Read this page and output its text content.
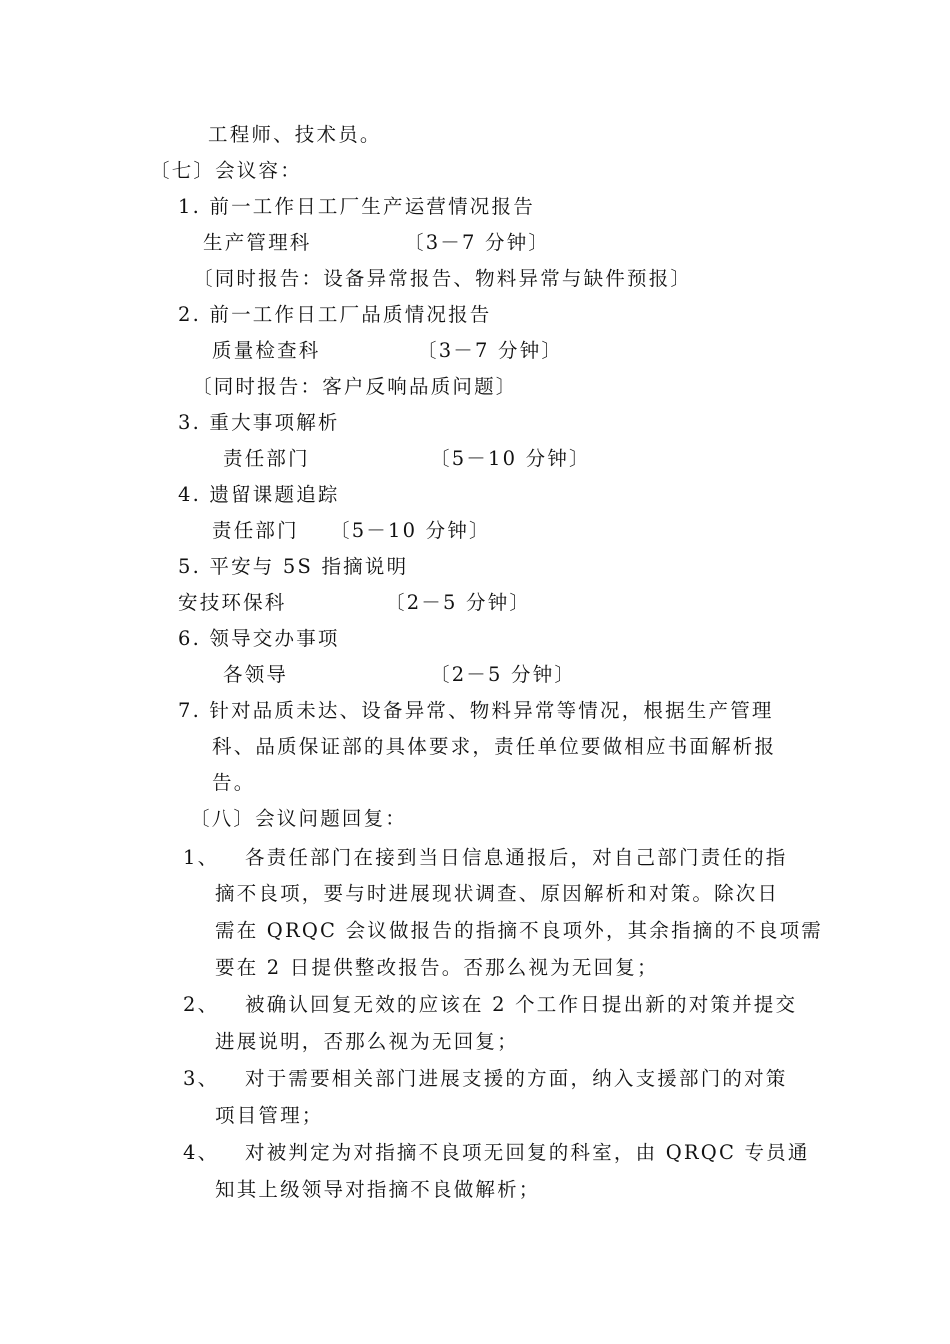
工程师、技术员。
〔七〕会议容：
1. 前一工作日工厂生产运营情况报告
生产管理科	〔3－7 分钟〕
〔同时报告：设备异常报告、物料异常与缺件预报〕
2. 前一工作日工厂品质情况报告
质量检查科	〔3－7 分钟〕
〔同时报告：客户反响品质问题〕
3. 重大事项解析
责任部门	〔5－10 分钟〕
4. 遗留课题追踪
责任部门 〔5－10 分钟〕
5. 平安与 5S 指摘说明
安技环保科	〔2－5 分钟〕
6. 领导交办事项
各领导	〔2－5 分钟〕
7. 针对品质未达、设备异常、物料异常等情况，根据生产管理
科、品质保证部的具体要求，责任单位要做相应书面解析报
告。
〔八〕会议问题回复：
1、 各责任部门在接到当日信息通报后，对自己部门责任的指
摘不良项，要与时进展现状调查、原因解析和对策。除次日
需在 QRQC 会议做报告的指摘不良项外，其余指摘的不良项需
要在 2 日提供整改报告。否那么视为无回复；
2、 被确认回复无效的应该在 2 个工作日提出新的对策并提交
进展说明，否那么视为无回复；
3、 对于需要相关部门进展支援的方面，纳入支援部门的对策
项目管理；
4、 对被判定为对指摘不良项无回复的科室，由 QRQC 专员通
知其上级领导对指摘不良做解析；
